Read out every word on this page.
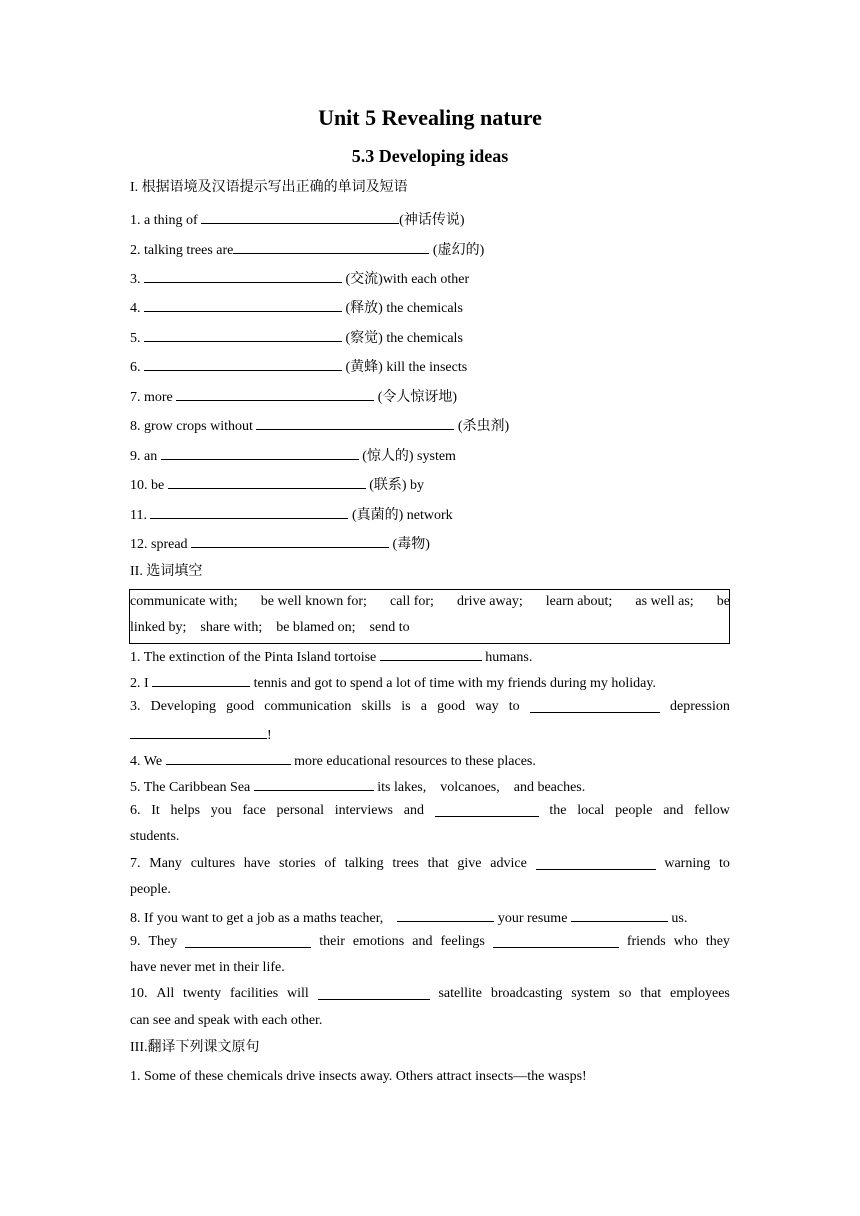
Unit 5 Revealing nature
5.3 Developing ideas
I. 根据语境及汉语提示写出正确的单词及短语
1. a thing of	(神话传说)
2. talking trees are	(虚幻的)
3.	(交流)with each other
4.	(释放) the chemicals
5.	(察觉) the chemicals
6.	(黄蜂) kill the insects
7. more	(令人惊讶地)
8. grow crops without	(杀虫剂)
9. an	(惊人的) system
10. be	(联系) by
11.	(真菌的) network
12. spread	(毒物)
II. 选词填空
communicate with; be well known for; call for; drive away; learn about; as well as; be
linked by; share with; be blamed on; send to
1. The extinction of the Pinta Island tortoise	humans.
2. I	tennis and got to spend a lot of time with my friends during my holiday.
3. Developing good communication skills is a good way to	depression
!
4. We	more educational resources to these places.
5. The Caribbean Sea	its lakes,    volcanoes,    and beaches.
6. It helps you face personal interviews and	the local people and fellow
students.
7. Many cultures have stories of talking trees that give advice	warning to
people.
8. If you want to get a job as a maths teacher,	your resume	us.
9. They	their emotions and feelings	friends who they
have never met in their life.
10. All twenty facilities will	satellite broadcasting system so that employees
can see and speak with each other.
III.翻译下列课文原句
1. Some of these chemicals drive insects away. Others attract insects—the wasps!
